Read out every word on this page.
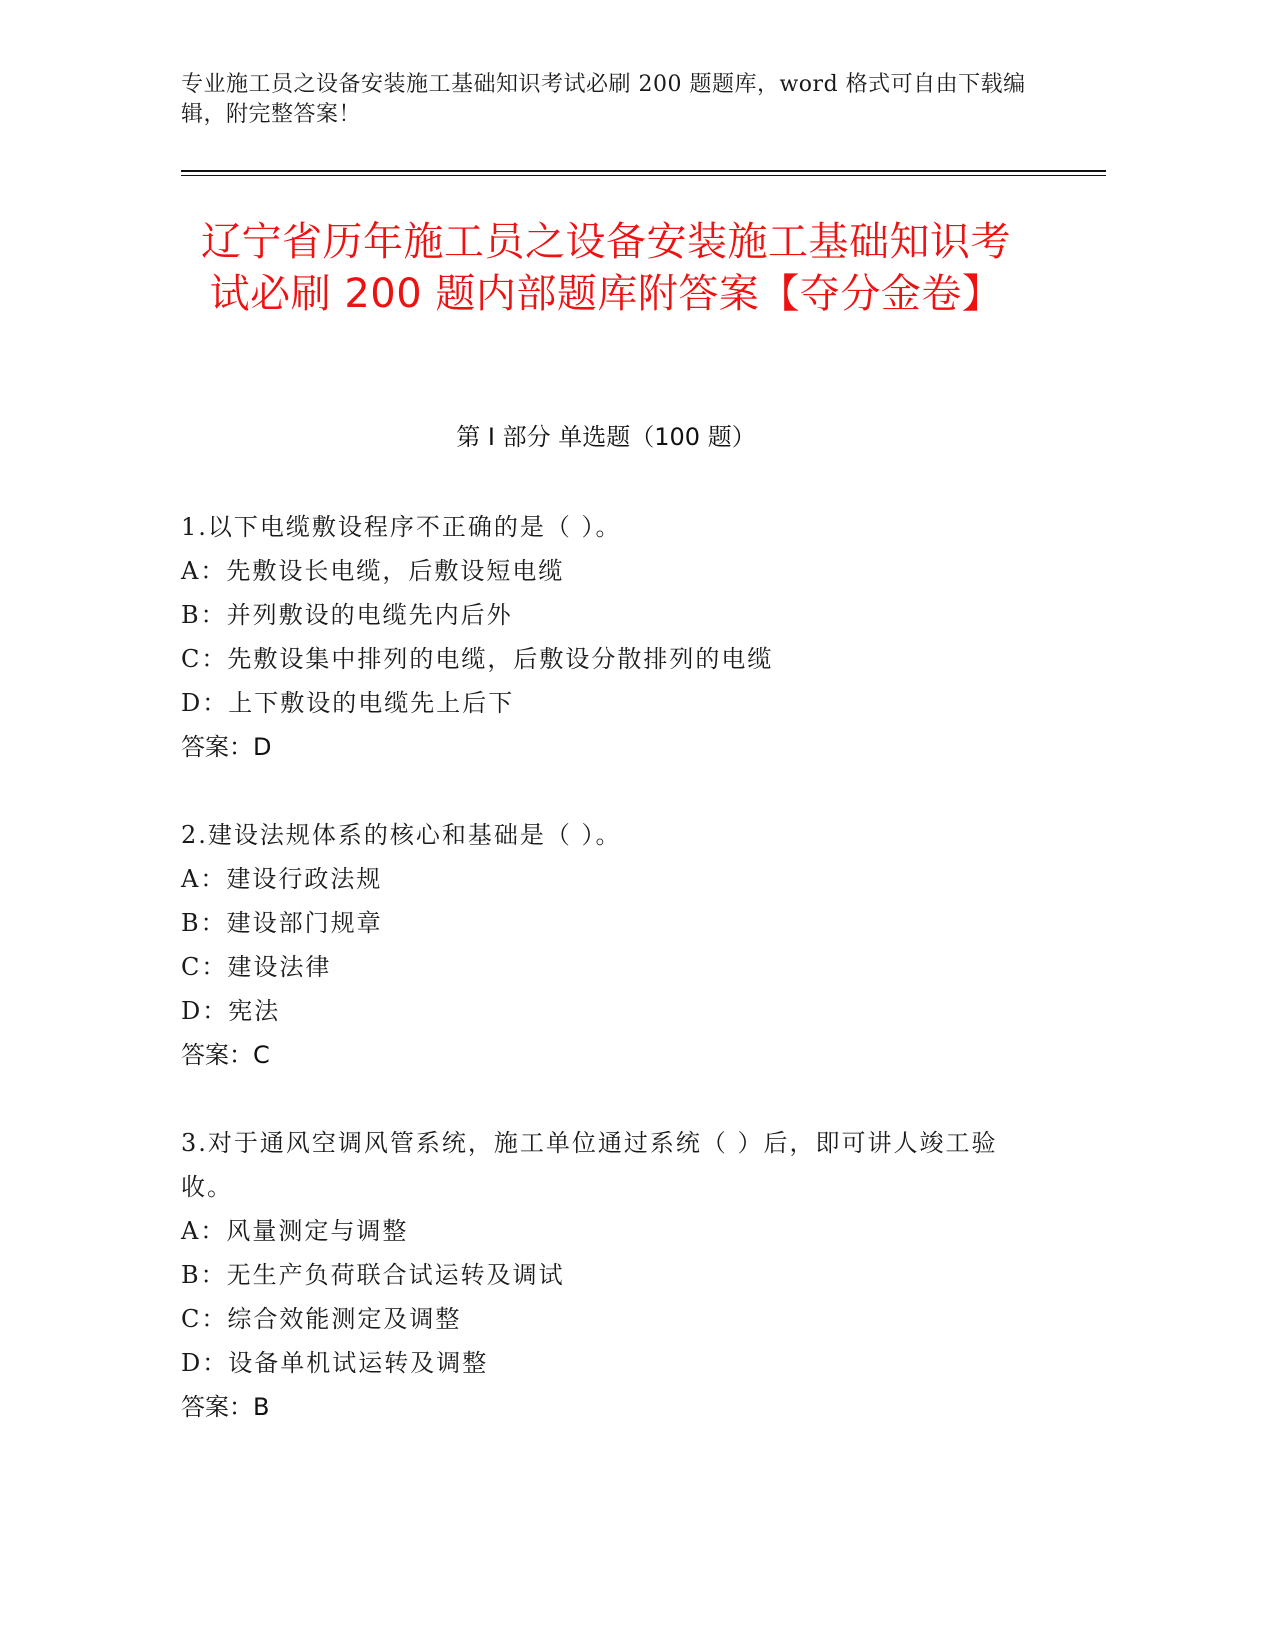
专业施工员之设备安装施工基础知识考试必刷 200 题题库，word 格式可自由下载编辑，附完整答案！
辽宁省历年施工员之设备安装施工基础知识考试必刷 200 题内部题库附答案【夺分金卷】
第 I 部分 单选题（100 题）
1.以下电缆敷设程序不正确的是（ ）。
A：先敷设长电缆，后敷设短电缆
B：并列敷设的电缆先内后外
C：先敷设集中排列的电缆，后敷设分散排列的电缆
D：上下敷设的电缆先上后下
答案：D
2.建设法规体系的核心和基础是（ ）。
A：建设行政法规
B：建设部门规章
C：建设法律
D：宪法
答案：C
3.对于通风空调风管系统，施工单位通过系统（ ）后，即可讲人竣工验收。
A：风量测定与调整
B：无生产负荷联合试运转及调试
C：综合效能测定及调整
D：设备单机试运转及调整
答案：B
